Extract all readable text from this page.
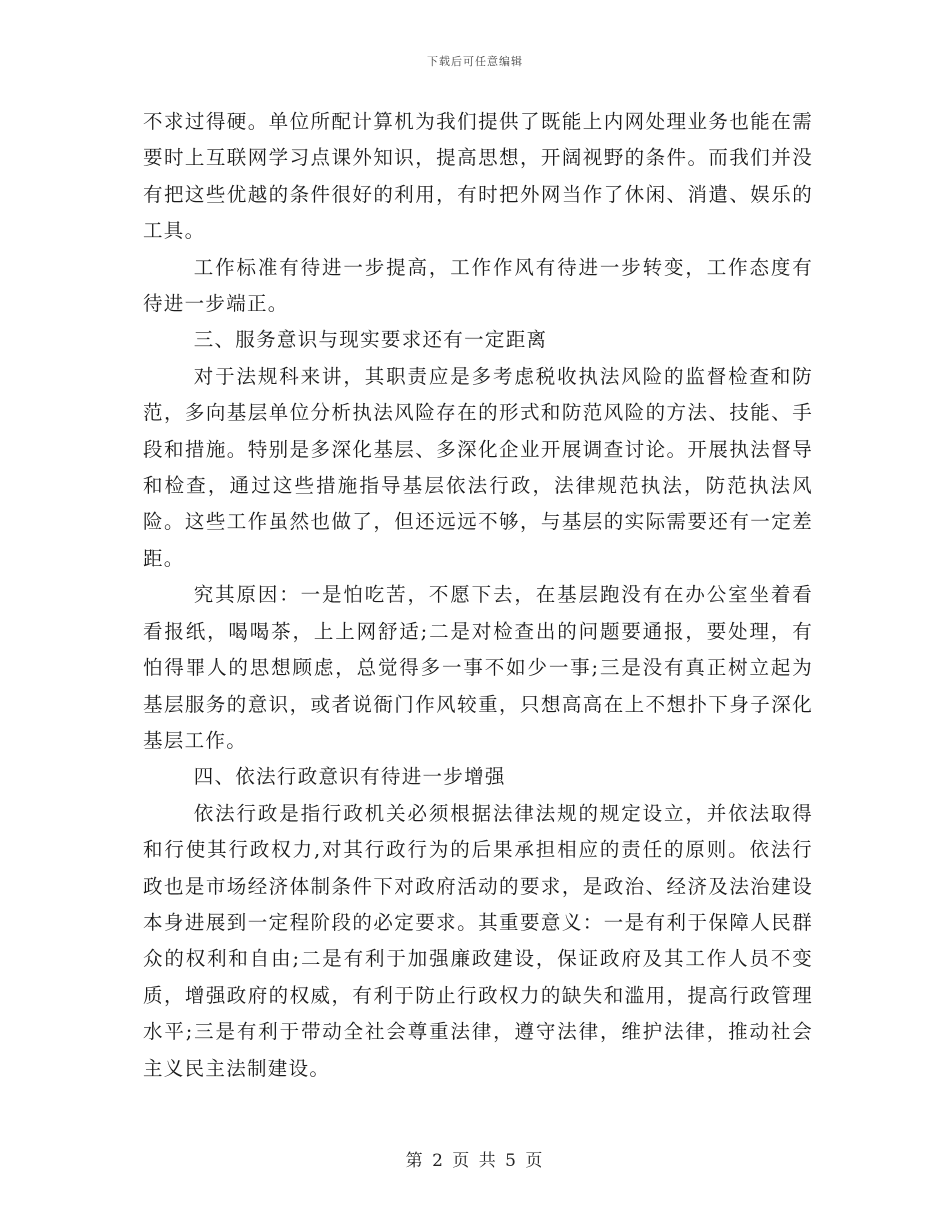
下载后可任意编辑

不求过得硬。单位所配计算机为我们提供了既能上内网处理业务也能在需要时上互联网学习点课外知识，提高思想，开阔视野的条件。而我们并没有把这些优越的条件很好的利用，有时把外网当作了休闲、消遣、娱乐的工具。

工作标准有待进一步提高，工作作风有待进一步转变，工作态度有待进一步端正。

三、服务意识与现实要求还有一定距离

对于法规科来讲，其职责应是多考虑税收执法风险的监督检查和防范，多向基层单位分析执法风险存在的形式和防范风险的方法、技能、手段和措施。特别是多深化基层、多深化企业开展调查讨论。开展执法督导和检查，通过这些措施指导基层依法行政，法律规范执法，防范执法风险。这些工作虽然也做了，但还远远不够，与基层的实际需要还有一定差距。

究其原因：一是怕吃苦，不愿下去，在基层跑没有在办公室坐着看看报纸，喝喝茶，上上网舒适;二是对检查出的问题要通报，要处理，有怕得罪人的思想顾虑，总觉得多一事不如少一事;三是没有真正树立起为基层服务的意识，或者说衙门作风较重，只想高高在上不想扑下身子深化基层工作。

四、依法行政意识有待进一步增强

依法行政是指行政机关必须根据法律法规的规定设立，并依法取得和行使其行政权力,对其行政行为的后果承担相应的责任的原则。依法行政也是市场经济体制条件下对政府活动的要求，是政治、经济及法治建设本身进展到一定程阶段的必定要求。其重要意义：一是有利于保障人民群众的权利和自由;二是有利于加强廉政建设，保证政府及其工作人员不变质，增强政府的权威，有利于防止行政权力的缺失和滥用，提高行政管理水平;三是有利于带动全社会尊重法律，遵守法律，维护法律，推动社会主义民主法制建设。

第 2 页 共 5 页
